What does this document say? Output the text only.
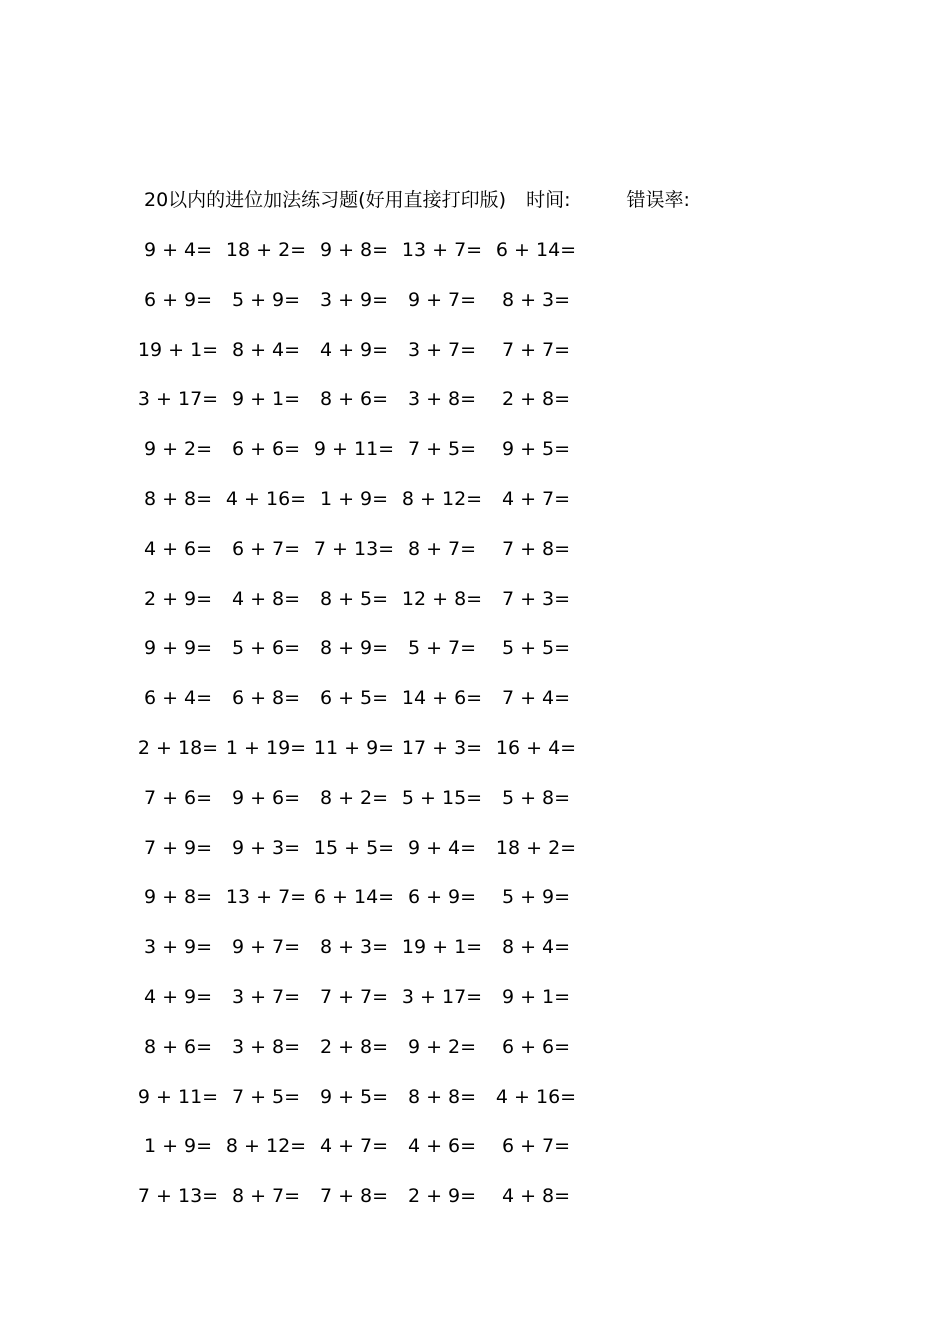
20以内的进位加法练习题(好用直接打印版) 时间:	错误率:
9 + 4= 18 + 2= 9 + 8= 13 + 7= 6 + 14=
6 + 9=	5 + 9=	3 + 9=	9 + 7=	8 + 3=
19 + 1= 8 + 4=	4 + 9=	3 + 7=	7 + 7=
3 + 17= 9 + 1=	8 + 6=	3 + 8=	2 + 8=
9 + 2=	6 + 6= 9 + 11= 7 + 5=	9 + 5=
8 + 8= 4 + 16= 1 + 9= 8 + 12=	4 + 7=
4 + 6=	6 + 7= 7 + 13= 8 + 7=	7 + 8=
2 + 9=	4 + 8=	8 + 5= 12 + 8=	7 + 3=
9 + 9=	5 + 6=	8 + 9=	5 + 7=	5 + 5=
6 + 4=	6 + 8=	6 + 5= 14 + 6=	7 + 4=
2 + 18= 1 + 19= 11 + 9= 17 + 3= 16 + 4=
7 + 6=	9 + 6=	8 + 2= 5 + 15=	5 + 8=
7 + 9=	9 + 3= 15 + 5= 9 + 4=	18 + 2=
9 + 8= 13 + 7= 6 + 14= 6 + 9=	5 + 9=
3 + 9=	9 + 7=	8 + 3= 19 + 1=	8 + 4=
4 + 9=	3 + 7=	7 + 7= 3 + 17=	9 + 1=
8 + 6=	3 + 8=	2 + 8=	9 + 2=	6 + 6=
9 + 11= 7 + 5=	9 + 5=	8 + 8=	4 + 16=
1 + 9= 8 + 12= 4 + 7=	4 + 6=	6 + 7=
7 + 13= 8 + 7=	7 + 8=	2 + 9=	4 + 8=
